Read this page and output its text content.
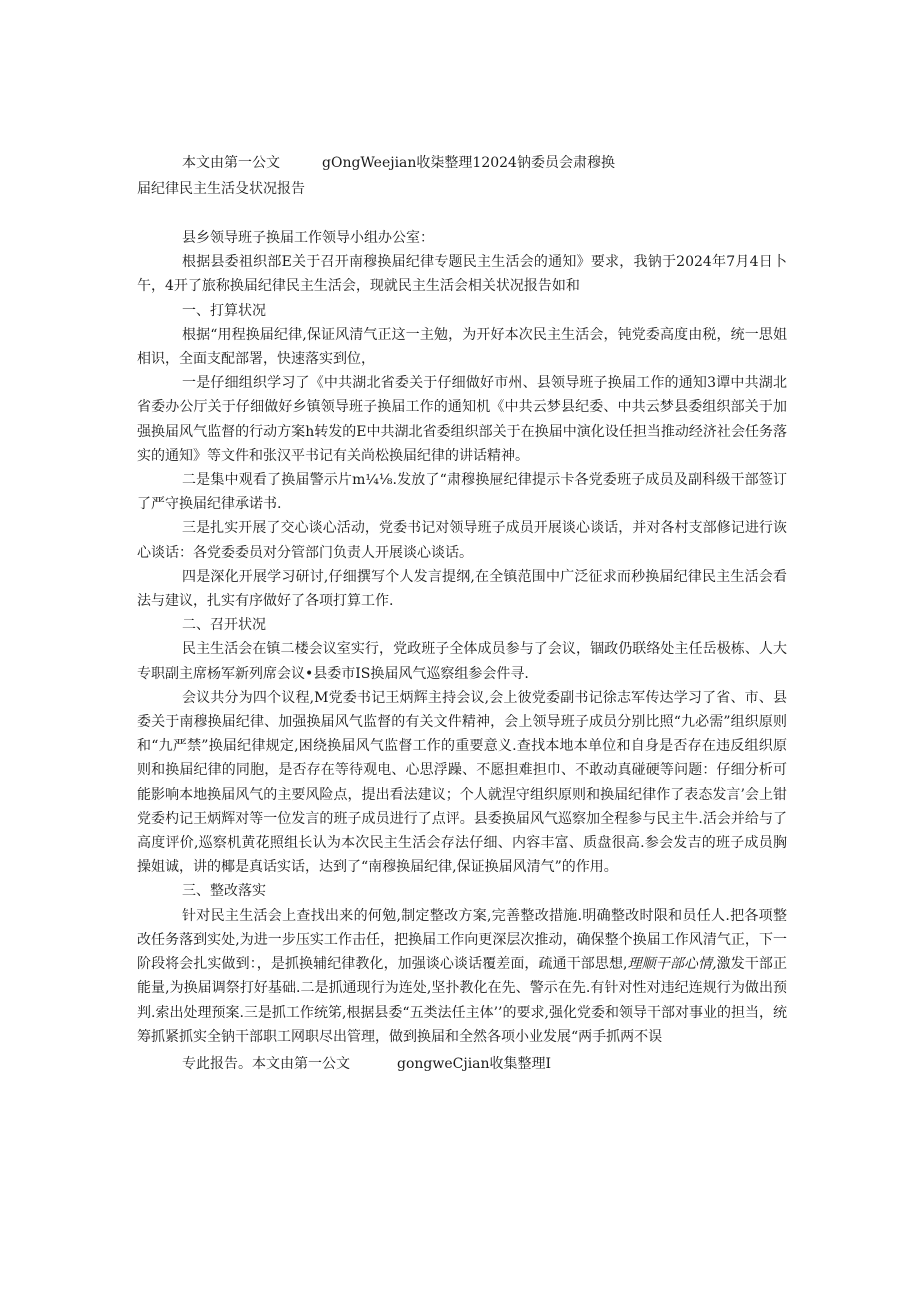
本文由第一公文	gOngWeejian收柒整理12024钠委员会肃穆换
届纪律民主生活殳状况报告

县乡领导班子换届工作领导小组办公室：

根据县委祖织部E关于召开南穆换届纪律专题民主生活会的通知》要求，我钠于2024年7月4日卜午，4开了旅称换届纪律民主生活会，现就民主生活会相关状况报告如和

一、打算状况

根据“用程换届纪律,保证风清气正这一主勉，为开好本次民主生活会，钝党委高度由税，统一思姐相识，全面支配部署，快速落实到位，

一是仔细组织学习了《中共湖北省委关于仔细做好市州、县领导班子换届工作的通知3谭中共湖北省委办公厅关于仔细做好乡镇领导班子换届工作的通知机《中共云梦县纪委、中共云梦县委组织部关于加强换届风气监督的行动方案h转发的E中共湖北省委组织部关于在换届中演化设任担当推动经济社会任务落实的通知》等文件和张汉平书记有关尚松换届纪律的讲话精神。

二是集中观看了换届警示片m¼⅛.发放了“肃穆换屉纪律提示卡各党委班子成员及副科级干部签订了严守换届纪律承诺书.

三是扎实开展了交心谈心活动，党委书记对领导班子成员开展谈心谈话，并对各村支部修记进行诙心谈话：各党委委员对分管部门负责人开展谈心谈话。

四是深化开展学习研讨,仔细撰写个人发言提纲,在全镇范围中广泛征求而秒换届纪律民主生活会看法与建议，扎实有序做好了各项打算工作.

二、召开状况

民主生活会在镇二楼会议室实行，党政班子全体成员参与了会议，锢政仍联络处主任岳极栋、人大专职副主席杨军新列席会议•县委市IS换届风气巡察组参会件寻.

会议共分为四个议程,M党委书记王炳辉主持会议,会上彼党委副书记徐志军传达学习了省、市、县委关于南穆换届纪律、加强换届风气监督的有关文件精神，会上领导班子成员分别比照“九必需”组织原则和“九严禁”换届纪律规定,困绕换届风气监督工作的重要意义.查找本地本单位和自身是否存在违反组织原则和换届纪律的同胞，是否存在等待观电、心思浮躁、不愿担难担巾、不敢动真碰硬等问题：仔细分析可能影响本地换届风气的主要风险点，提出看法建议；个人就涅守组织原则和换届纪律作了表态发言’会上钳党委杓记王炳辉对等一位发言的班子成员进行了点评。县委换届风气巡察加全程参与民主牛.活会并给与了高度评价,巡察机黄花照组长认为本次民主生活会存法仔细、内容丰富、质盘很高.参会发吉的班子成员胸操姐诚，讲的椰是真话实话，达到了“南穆换届纪律,保证换届风清气”的作用。

三、整改落实

针对民主生活会上查找出来的何勉,制定整改方案,完善整改措施.明确整改时限和员任人.把各项整改任务落到实处,为进一步压实工作击任，把换届工作向更深层次推动，确保整个换届工作风清气正，下一阶段将会扎实做到：，是抓换辅纪律教化，加强谈心谈话覆差面，疏通干部思想,理顺干部心情,激发干部正能量,为换届调祭打好基础.二是抓通现行为连处,坚扑教化在先、警示在先.有针对性对违纪连规行为做出预判.索出处理预案.三是抓工作统笫,根据县委“五类法任主体’’的要求,强化党委和领导干部对事业的担当，统筹抓紧抓实全钠干部职工网职尽出管理，做到换届和全然各项小业发展“两手抓两不误

专此报告。本文由第一公文	gongweCjian收集整理I
